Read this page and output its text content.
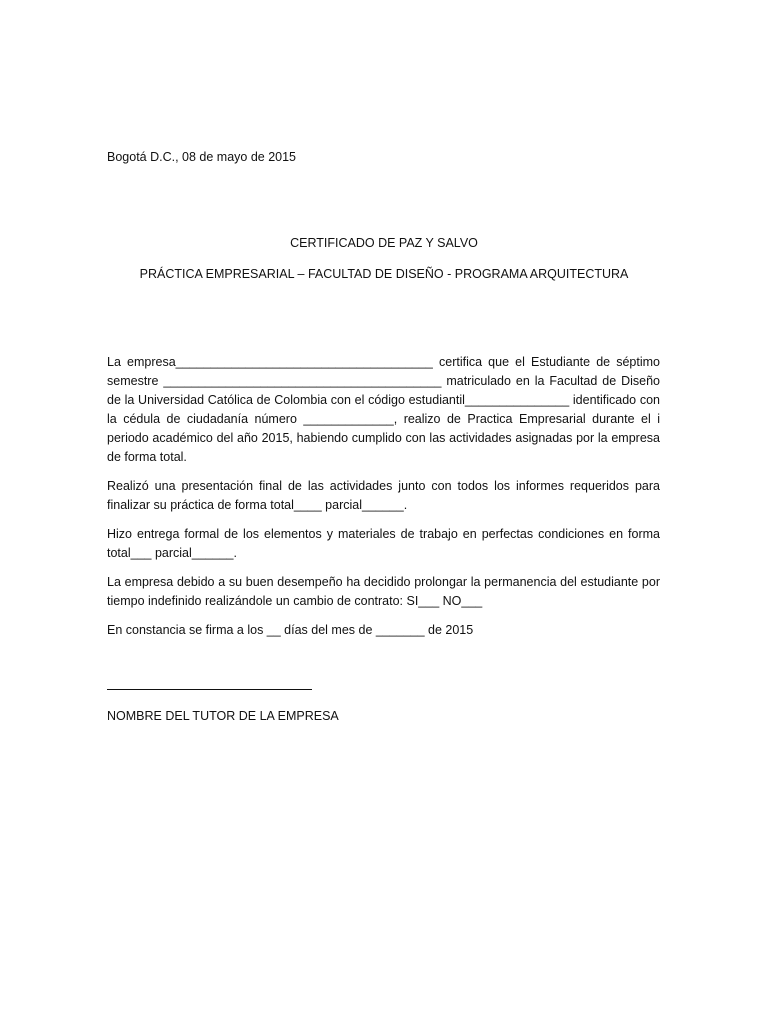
Bogotá D.C., 08 de mayo de 2015
CERTIFICADO DE PAZ Y SALVO
PRÁCTICA EMPRESARIAL – FACULTAD DE DISEÑO - PROGRAMA ARQUITECTURA
La empresa_____________________________________ certifica que el Estudiante de séptimo semestre ________________________________________ matriculado en la Facultad de Diseño de la Universidad Católica de Colombia con el código estudiantil_______________ identificado con la cédula de ciudadanía número _____________, realizo de Practica Empresarial durante el i periodo académico del año 2015, habiendo cumplido con las actividades asignadas por la empresa de forma total.
Realizó una presentación final de las actividades junto con todos los informes requeridos para finalizar su práctica de forma total____ parcial______.
Hizo entrega formal de los elementos y materiales de trabajo en perfectas condiciones en forma total___ parcial______.
La empresa debido a su buen desempeño ha decidido prolongar la permanencia del estudiante por tiempo indefinido realizándole un cambio de contrato: SI___ NO___
En constancia se firma a los __ días del mes de _______ de 2015
NOMBRE DEL TUTOR DE LA EMPRESA
